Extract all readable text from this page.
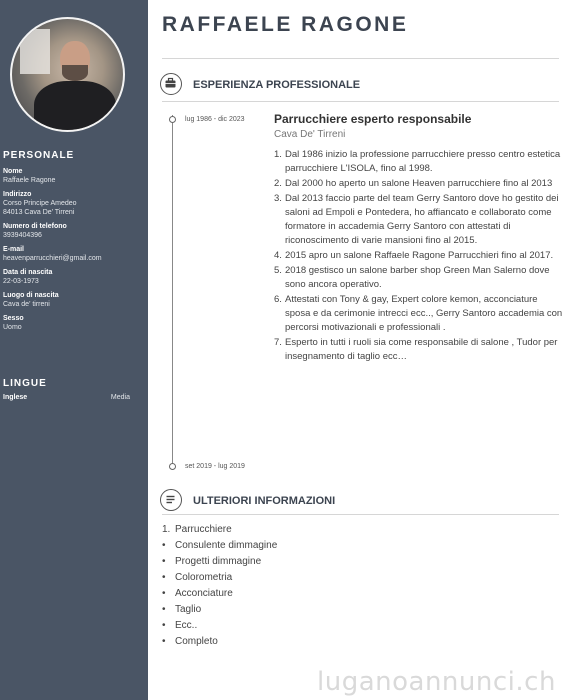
PERSONALE
Nome
Raffaele Ragone
Indirizzo
Corso Principe Amedeo
84013 Cava De' Tirreni
Numero di telefono
3939404396
E-mail
heavenparrucchieri@gmail.com
Data di nascita
22-03-1973
Luogo di nascita
Cava de' tirreni
Sesso
Uomo
LINGUE
Inglese	Media
RAFFAELE RAGONE
ESPERIENZA PROFESSIONALE
lug 1986 - dic 2023
set 2019 - lug 2019
Parrucchiere esperto responsabile
Cava De' Tirreni
1. Dal 1986 inizio la professione parrucchiere presso centro estetica parrucchiere L'ISOLA, fino al 1998.
2. Dal 2000 ho aperto un salone Heaven parrucchiere fino al 2013
3. Dal 2013 faccio parte del team Gerry Santoro dove ho gestito dei saloni ad Empoli e Pontedera, ho affiancato e collaborato come formatore in accademia Gerry Santoro con attestati di riconoscimento di varie mansioni fino al 2015.
4. 2015 apro un salone Raffaele Ragone Parrucchieri fino al 2017.
5. 2018 gestisco un salone barber shop Green Man Salerno dove sono ancora operativo.
6. Attestati con Tony & gay, Expert colore kemon, acconciature sposa e da cerimonie intrecci ecc.., Gerry Santoro accademia con percorsi motivazionali e professionali .
7. Esperto in tutti i ruoli sia come responsabile di salone , Tudor per insegnamento di taglio ecc…
ULTERIORI INFORMAZIONI
1. Parrucchiere
• Consulente dimmagine
• Progetti dimmagine
• Colorometria
• Acconciature
• Taglio
• Ecc..
• Completo
luganoannunci.ch
